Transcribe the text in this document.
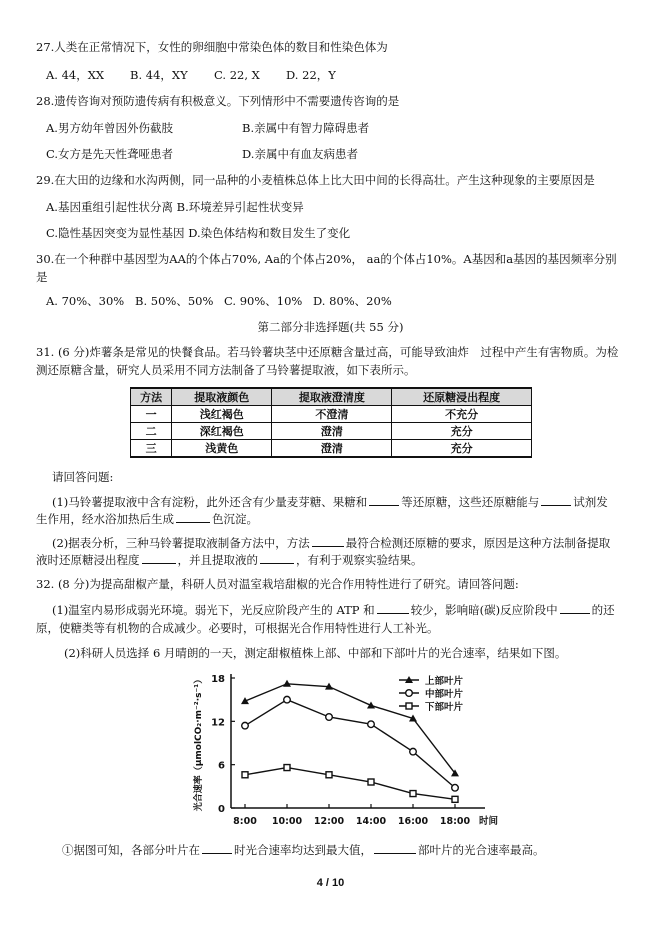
27.人类在正常情况下，女性的卵细胞中常染色体的数目和性染色体为
A. 44，XX B. 44，XY C. 22, X D. 22，Y
28.遗传咨询对预防遗传病有积极意义。下列情形中不需要遗传咨询的是
A.男方幼年曾因外伤截肢	B.亲属中有智力障碍患者
C.女方是先天性聋哑患者	D.亲属中有血友病患者
29.在大田的边缘和水沟两侧，同一品种的小麦植株总体上比大田中间的长得高壮。产生这种现象的主要原因是
A.基因重组引起性状分离 B.环境差异引起性状变异
C.隐性基因突变为显性基因 D.染色体结构和数目发生了变化
30.在一个种群中基因型为AA的个体占70%, Aa的个体占20%， aa的个体占10%。A基因和a基因的基因频率分别是
A. 70%、30% B. 50%、50% C. 90%、10% D. 80%、20%
第二部分非选择题(共 55 分)
31. (6 分)炸薯条是常见的快餐食品。若马铃薯块茎中还原糖含量过高，可能导致油炸　过程中产生有害物质。为检测还原糖含量，研究人员采用不同方法制备了马铃薯提取液，如下表所示。
方法	提取液颜色	提取液澄清度	还原糖浸出程度
一	浅红褐色	不澄清	不充分
二	深红褐色	澄清	充分
三	浅黄色	澄清	充分
请回答问题:
(1)马铃薯提取液中含有淀粉，此外还含有少量麦芽糖、果糖和	等还原糖，这些还原糖能与	试剂发
生作用，经水浴加热后生成	色沉淀。
(2)据表分析，三种马铃薯提取液制备方法中，方法	最符合检测还原糖的要求，原因是这种方法制备提取
液时还原糖浸出程度	，并且提取液的	，有利于观察实验结果。
32. (8 分)为提高甜椒产量，科研人员对温室栽培甜椒的光合作用特性进行了研究。请回答问题:
(1)温室内易形成弱光环境。弱光下，光反应阶段产生的 ATP 和	较少，影响暗(碳)反应阶段中	的还
原，使糖类等有机物的合成减少。必要时，可根据光合作用特性进行人工补光。
(2)科研人员选择 6 月晴朗的一天，测定甜椒植株上部、中部和下部叶片的光合速率，结果如下图。
0
6
12
18
8:00 10:00 12:00 14:00 16:00 18:00 时间
光合速率（μmolCO₂·m⁻²·s⁻¹）	上部叶片
中部叶片
下部叶片
①据图可知，各部分叶片在	时光合速率均达到最大值，	部叶片的光合速率最高。
4 / 10
